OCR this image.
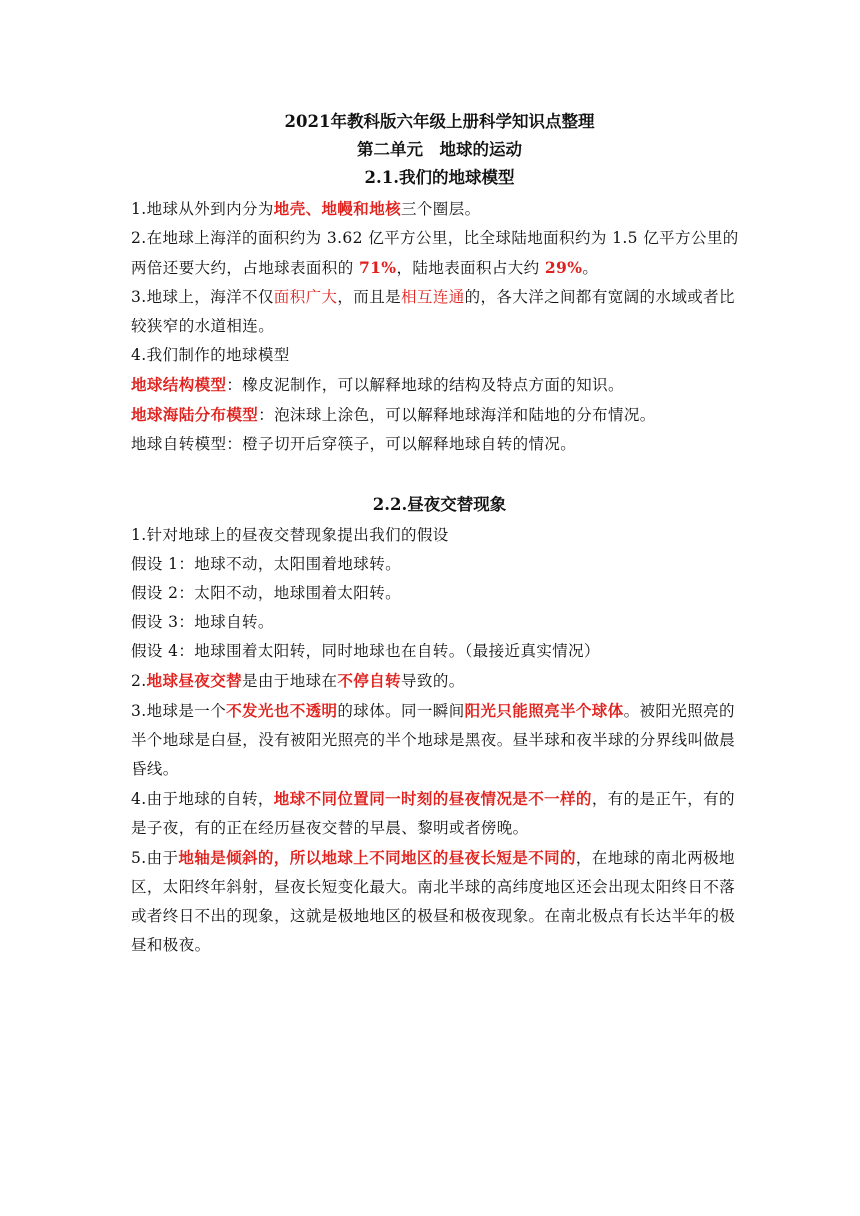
2021年教科版六年级上册科学知识点整理
第二单元　地球的运动
2.1.我们的地球模型

1.地球从外到内分为地壳、地幔和地核三个圈层。

2.在地球上海洋的面积约为 3.62 亿平方公里，比全球陆地面积约为 1.5 亿平方公里的两倍还要大约，占地球表面积的 71%，陆地表面积占大约 29%。

3.地球上，海洋不仅面积广大，而且是相互连通的，各大洋之间都有宽阔的水域或者比较狭窄的水道相连。

4.我们制作的地球模型

地球结构模型：橡皮泥制作，可以解释地球的结构及特点方面的知识。

地球海陆分布模型：泡沫球上涂色，可以解释地球海洋和陆地的分布情况。

地球自转模型：橙子切开后穿筷子，可以解释地球自转的情况。

2.2.昼夜交替现象

1.针对地球上的昼夜交替现象提出我们的假设

假设 1：地球不动，太阳围着地球转。

假设 2：太阳不动，地球围着太阳转。

假设 3：地球自转。

假设 4：地球围着太阳转，同时地球也在自转。（最接近真实情况）

2.地球昼夜交替是由于地球在不停自转导致的。

3.地球是一个不发光也不透明的球体。同一瞬间阳光只能照亮半个球体。被阳光照亮的半个地球是白昼，没有被阳光照亮的半个地球是黑夜。昼半球和夜半球的分界线叫做晨昏线。

4.由于地球的自转，地球不同位置同一时刻的昼夜情况是不一样的，有的是正午，有的是子夜，有的正在经历昼夜交替的早晨、黎明或者傍晚。

5.由于地轴是倾斜的，所以地球上不同地区的昼夜长短是不同的，在地球的南北两极地区，太阳终年斜射，昼夜长短变化最大。南北半球的高纬度地区还会出现太阳终日不落或者终日不出的现象，这就是极地地区的极昼和极夜现象。在南北极点有长达半年的极昼和极夜。
